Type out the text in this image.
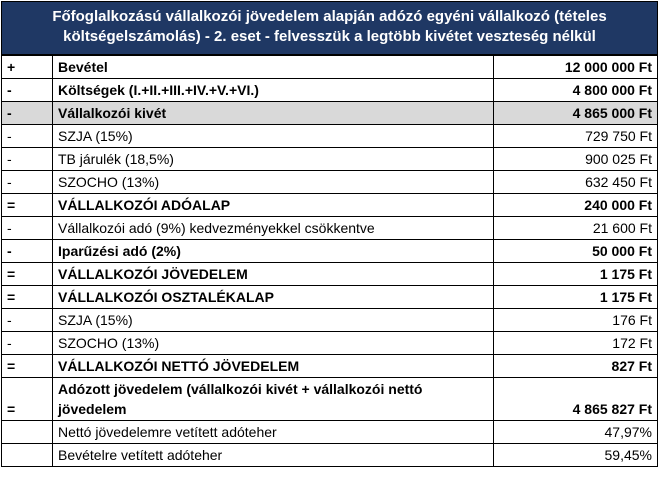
Főfoglalkozású vállalkozói jövedelem alapján adózó egyéni vállalkozó (tételes
költségelszámolás) - 2. eset - felvesszük a legtöbb kivétet veszteség nélkül
+	Bevétel	12 000 000 Ft
-	Költségek (I.+II.+III.+IV.+V.+VI.)	4 800 000 Ft
-	Vállalkozói kivét	4 865 000 Ft
-	SZJA (15%)	729 750 Ft
-	TB járulék (18,5%)	900 025 Ft
-	SZOCHO (13%)	632 450 Ft
=	VÁLLALKOZÓI ADÓALAP	240 000 Ft
-	Vállalkozói adó (9%) kedvezményekkel csökkentve	21 600 Ft
-	Iparűzési adó (2%)	50 000 Ft
=	VÁLLALKOZÓI JÖVEDELEM	1 175 Ft
=	VÁLLALKOZÓI OSZTALÉKALAP	1 175 Ft
-	SZJA (15%)	176 Ft
-	SZOCHO (13%)	172 Ft
=	VÁLLALKOZÓI NETTÓ JÖVEDELEM	827 Ft
=	Adózott jövedelem (vállalkozói kivét + vállalkozói nettó jövedelem	4 865 827 Ft
	Nettó jövedelemre vetített adóteher	47,97%
	Bevételre vetített adóteher	59,45%
